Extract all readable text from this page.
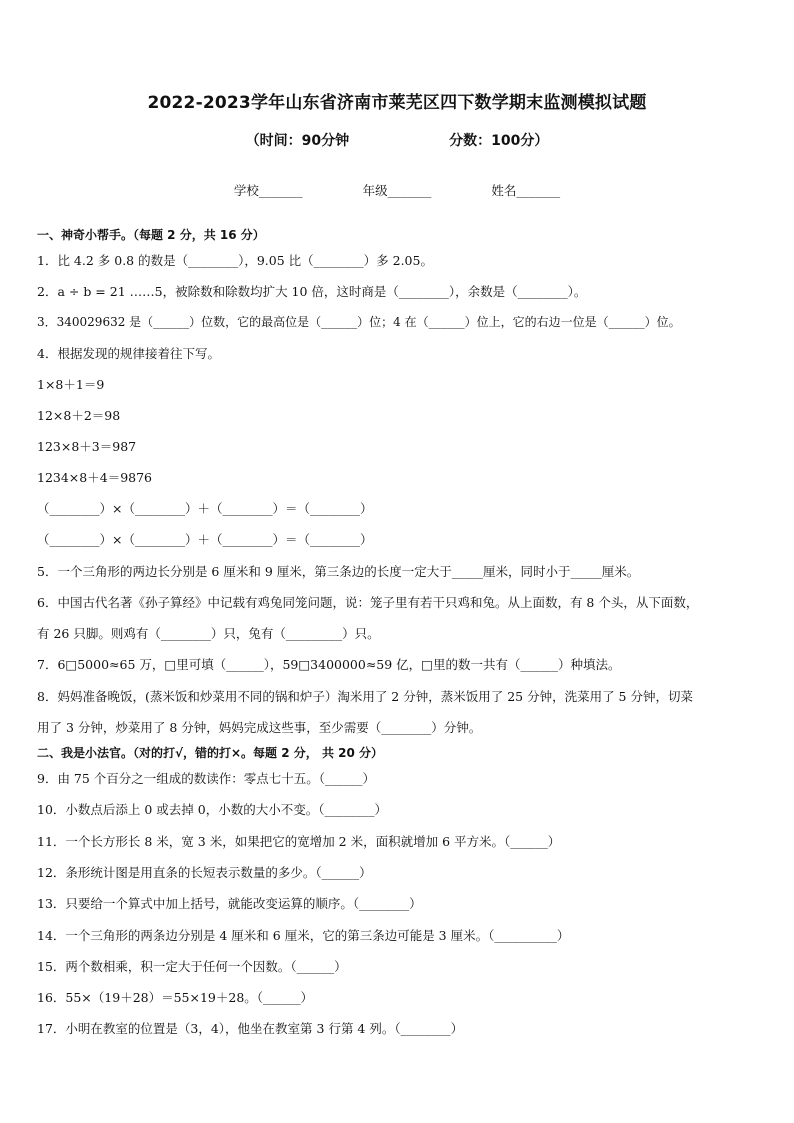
2022-2023学年山东省济南市莱芜区四下数学期末监测模拟试题
（时间：90分钟	分数：100分）
学校_______	年级_______	姓名_______
一、神奇小帮手。（每题 2 分，共 16 分）
1．比 4.2 多 0.8 的数是（________），9.05 比（________）多 2.05。
2．a ÷ b = 21 ……5，被除数和除数均扩大 10 倍，这时商是（________），余数是（________）。
3．340029632 是（______）位数，它的最高位是（______）位；4 在（______）位上，它的右边一位是（______）位。
4．根据发现的规律接着往下写。
1×8＋1＝9
12×8＋2＝98
123×8＋3＝987
1234×8＋4＝9876
（________）×（________）＋（________）＝（________）
（________）×（________）＋（________）＝（________）
5．一个三角形的两边长分别是 6 厘米和 9 厘米，第三条边的长度一定大于_____厘米，同时小于_____厘米。
6．中国古代名著《孙子算经》中记载有鸡兔同笼问题，说：笼子里有若干只鸡和兔。从上面数，有 8 个头，从下面数，
有 26 只脚。则鸡有（________）只，兔有（_________）只。
7．6□5000≈65 万，□里可填（______），59□3400000≈59 亿，□里的数一共有（______）种填法。
8．妈妈准备晚饭，(蒸米饭和炒菜用不同的锅和炉子）淘米用了 2 分钟，蒸米饭用了 25 分钟，洗菜用了 5 分钟，切菜
用了 3 分钟，炒菜用了 8 分钟，妈妈完成这些事，至少需要（________）分钟。
二、我是小法官。（对的打√，错的打×。每题 2 分， 共 20 分）
9．由 75 个百分之一组成的数读作：零点七十五。（______）
10．小数点后添上 0 或去掉 0，小数的大小不变。（________）
11．一个长方形长 8 米，宽 3 米，如果把它的宽增加 2 米，面积就增加 6 平方米。（______）
12．条形统计图是用直条的长短表示数量的多少。（______）
13．只要给一个算式中加上括号，就能改变运算的顺序。（________）
14．一个三角形的两条边分别是 4 厘米和 6 厘米，它的第三条边可能是 3 厘米。（__________）
15．两个数相乘，积一定大于任何一个因数。（______）
16．55×（19＋28）＝55×19＋28。（______）
17．小明在教室的位置是（3，4），他坐在教室第 3 行第 4 列。（________）
